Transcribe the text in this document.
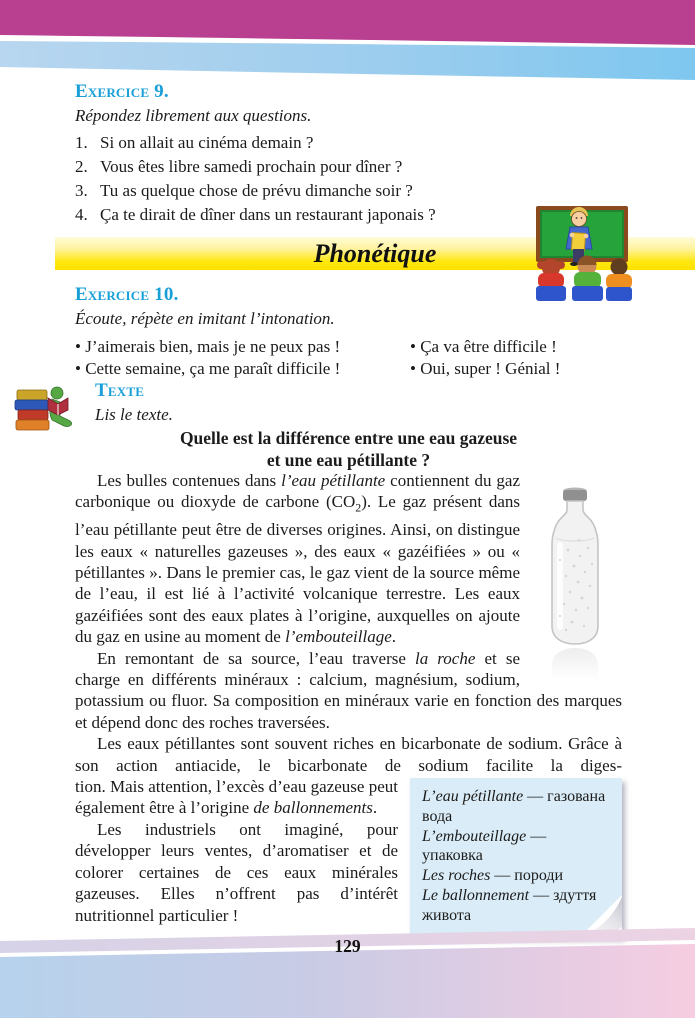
Exercice 9.

Répondez librement aux questions.

1. Si on allait au cinéma demain ?
2. Vous êtes libre samedi prochain pour dîner ?
3. Tu as quelque chose de prévu dimanche soir ?
4. Ça te dirait de dîner dans un restaurant japonais ?
Phonétique
Exercice 10.

Écoute, répète en imitant l’intonation.

• J’aimerais bien, mais je ne peux pas !
• Cette semaine, ça me paraît difficile !
• Ça va être difficile !
• Oui, super ! Génial !
Texte

Lis le texte.

Quelle est la différence entre une eau gazeuse
et une eau pétillante ?

Les bulles contenues dans l’eau pétillante contiennent du gaz carbonique ou dioxyde de carbone $(CO_2)$. Le gaz présent dans l’eau pétillante peut être de diverses origines. Ainsi, on distingue les eaux « naturelles gazeuses », des eaux « gazéifiées » ou « pétillantes ». Dans le premier cas, le gaz vient de la source même de l’eau, il est lié à l’activité volcanique terrestre. Les eaux gazéifiées sont des eaux plates à l’origine, auxquelles on ajoute du gaz en usine au moment de l’embouteillage.

En remontant de sa source, l’eau traverse la roche et se charge en différents minéraux : calcium, magnésium, sodium, potassium ou fluor. Sa composition en minéraux varie en fonction des marques et dépend donc des roches traversées.

Les eaux pétillantes sont souvent riches en bicarbonate de sodium. Grâce à son action antiacide, le bicarbonate de sodium facilite la diges-

L’eau pétillante — газована вода
L’embouteillage — упаковка
Les roches — породи
Le ballonnement — здуття живота

tion. Mais attention, l’excès d’eau gazeuse peut également être à l’origine de ballonnements.

Les industriels ont imaginé, pour développer leurs ventes, d’aromatiser et de colorer certaines de ces eaux minérales gazeuses. Elles n’offrent pas d’intérêt nutritionnel particulier !

129
